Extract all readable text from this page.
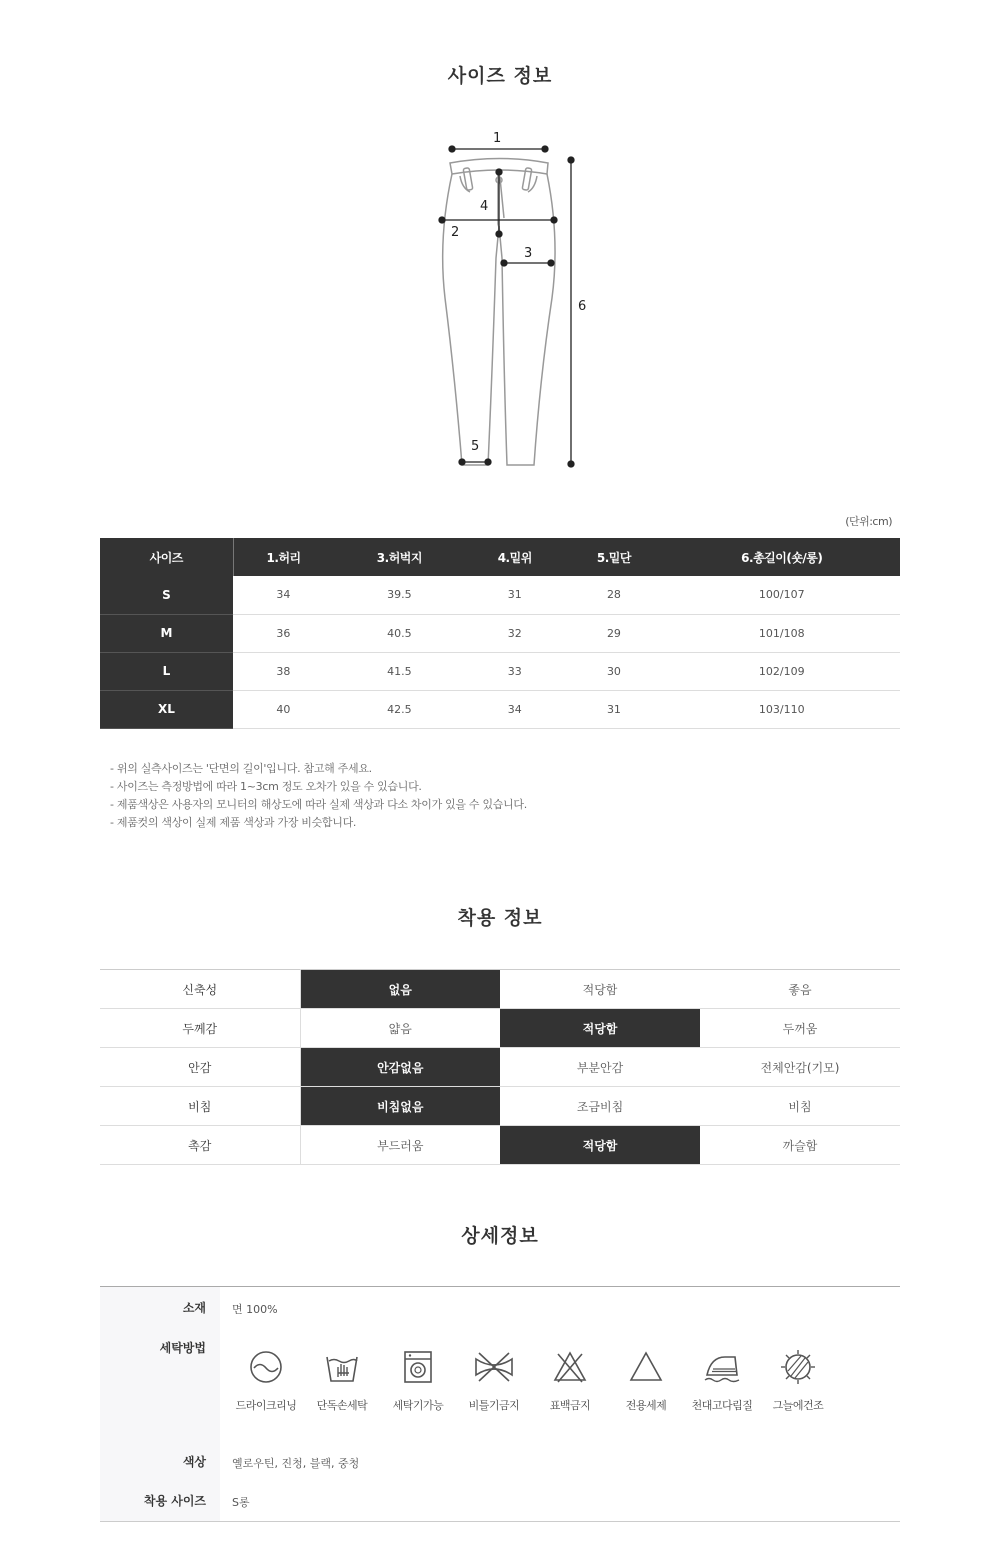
사이즈 정보
1
2
3
4
5
6
(단위:cm)
사이즈	1.허리	3.허벅지	4.밑위	5.밑단	6.총길이(숏/롱)
S	34	39.5	31	28	100/107
M	36	40.5	32	29	101/108
L	38	41.5	33	30	102/109
XL	40	42.5	34	31	103/110
- 위의 실측사이즈는 '단면의 길이'입니다. 참고해 주세요.
- 사이즈는 측정방법에 따라 1~3cm 정도 오차가 있을 수 있습니다.
- 제품색상은 사용자의 모니터의 해상도에 따라 실제 색상과 다소 차이가 있을 수 있습니다.
- 제품컷의 색상이 실제 제품 색상과 가장 비슷합니다.
착용 정보
신축성	없음	적당함	좋음
두께감	얇음	적당함	두꺼움
안감	안감없음	부분안감	전체안감(기모)
비침	비침없음	조금비침	비침
촉감	부드러움	적당함	까슬함
상세정보
소재 면 100%
세탁방법
드라이크리닝	단독손세탁	세탁기가능	비틀기금지	표백금지	전용세제	천대고다림질	그늘에건조
색상 옐로우틴, 진청, 블랙, 중청
착용 사이즈 S롱
